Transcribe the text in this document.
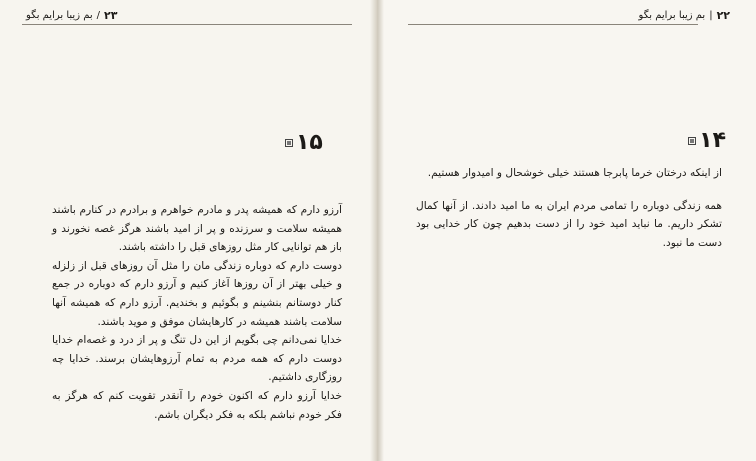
۲۳
/
بم زیبا برایم بگو
۱۵

آرزو دارم که همیشه پدر و مادرم خواهرم و برادرم در کنارم باشند همیشه سلامت و سرزنده و پر از امید باشند هرگز غصه نخورند و باز هم توانایی کار مثل روزهای قبل را داشته باشند.

دوست دارم که دوباره زندگی مان را مثل آن روزهای قبل از زلزله و خیلی بهتر از آن روزها آغاز کنیم و آرزو دارم که دوباره در جمع کنار دوستانم بنشینم و بگوئیم و بخندیم. آرزو دارم که همیشه آنها سلامت باشند همیشه در کارهایشان موفق و موید باشند.

خدایا نمی‌دانم چی بگویم از این دل تنگ و پر از درد و غصه‌ام خدایا دوست دارم که همه مردم به تمام آرزوهایشان برسند. خدایا چه روزگاری داشتیم.

خدایا آرزو دارم که اکنون خودم را آنقدر تقویت کنم که هرگز به فکر خودم نباشم بلکه به فکر دیگران باشم.

۲۲
|
بم زیبا برایم بگو
۱۴

از اینکه درختان خرما پابرجا هستند خیلی خوشحال و امیدوار هستیم.

همه زندگی دوباره را تمامی مردم ایران به ما امید دادند. از آنها کمال تشکر داریم. ما نباید امید خود را از دست بدهیم چون کار خدایی بود دست ما نبود.
